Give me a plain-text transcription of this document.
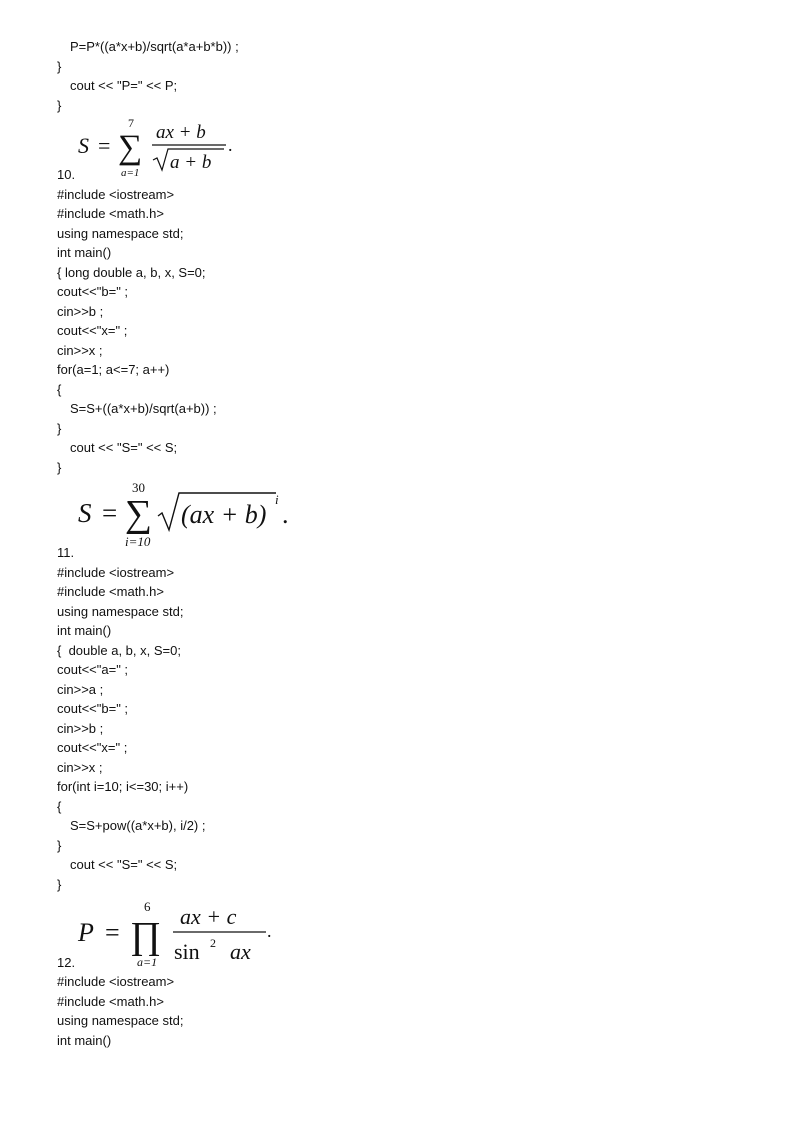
P=P*((a*x+b)/sqrt(a*a+b*b)) ;
}
cout << "P=" << P;
}
S = ∑
7
a=1
ax + b
a + b
.
10.
#include <iostream>
#include <math.h>
using namespace std;
int main()
{ long double a, b, x, S=0;
cout<<"b=" ;
cin>>b ;
cout<<"x=" ;
cin>>x ;
for(a=1; a<=7; a++)
{
S=S+((a*x+b)/sqrt(a+b)) ;
}
cout << "S=" << S;
}
S = ∑
30
i=10
(ax + b)
i
.
11.
#include <iostream>
#include <math.h>
using namespace std;
int main()
{  double a, b, x, S=0;
cout<<"a=" ;
cin>>a ;
cout<<"b=" ;
cin>>b ;
cout<<"x=" ;
cin>>x ;
for(int i=10; i<=30; i++)
{
S=S+pow((a*x+b), i/2) ;
}
cout << "S=" << S;
}
P = ∏
6
a=1
ax + c
sin 2 ax
.
12.
#include <iostream>
#include <math.h>
using namespace std;
int main()
